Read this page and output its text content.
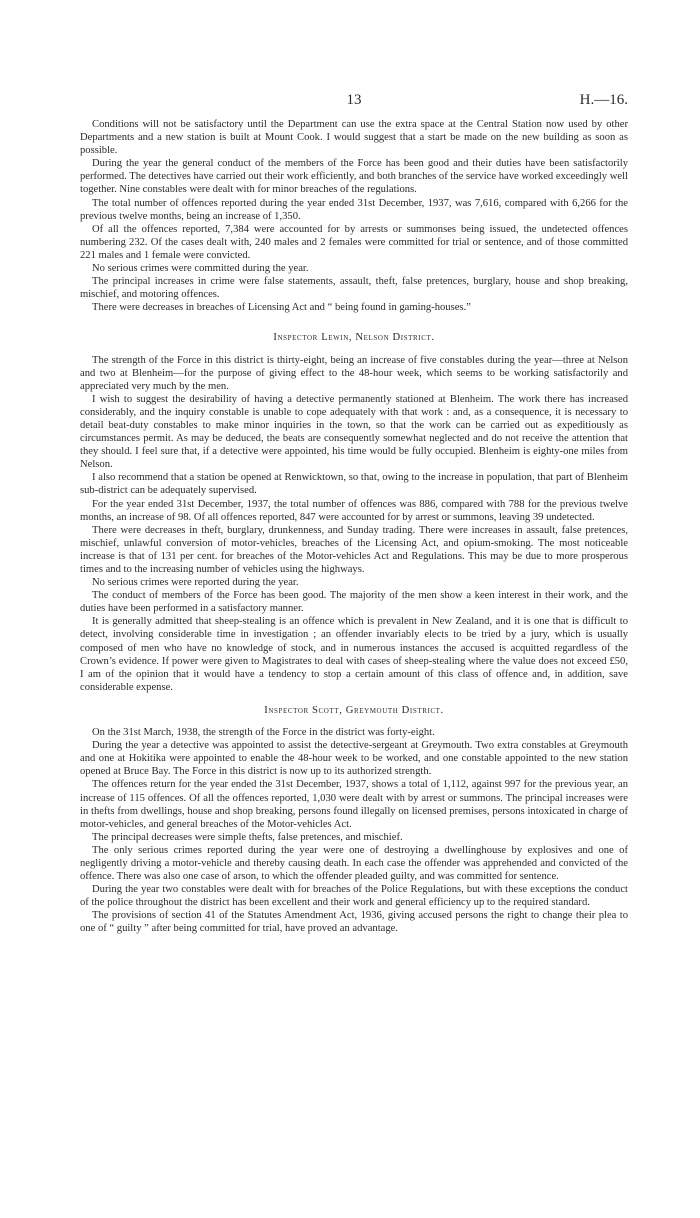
13	H.—16.

Conditions will not be satisfactory until the Department can use the extra space at the Central Station now used by other Departments and a new station is built at Mount Cook. I would suggest that a start be made on the new building as soon as possible.

During the year the general conduct of the members of the Force has been good and their duties have been satisfactorily performed. The detectives have carried out their work efficiently, and both branches of the service have worked exceedingly well together. Nine constables were dealt with for minor breaches of the regulations.

The total number of offences reported during the year ended 31st December, 1937, was 7,616, compared with 6,266 for the previous twelve months, being an increase of 1,350.

Of all the offences reported, 7,384 were accounted for by arrests or summonses being issued, the undetected offences numbering 232. Of the cases dealt with, 240 males and 2 females were committed for trial or sentence, and of those committed 221 males and 1 female were convicted.

No serious crimes were committed during the year.

The principal increases in crime were false statements, assault, theft, false pretences, burglary, house and shop breaking, mischief, and motoring offences.

There were decreases in breaches of Licensing Act and “ being found in gaming-houses.”

Inspector Lewin, Nelson District.

The strength of the Force in this district is thirty-eight, being an increase of five constables during the year—three at Nelson and two at Blenheim—for the purpose of giving effect to the 48-hour week, which seems to be working satisfactorily and appreciated very much by the men.

I wish to suggest the desirability of having a detective permanently stationed at Blenheim. The work there has increased considerably, and the inquiry constable is unable to cope adequately with that work : and, as a consequence, it is necessary to detail beat-duty constables to make minor inquiries in the town, so that the work can be carried out as expeditiously as circumstances permit. As may be deduced, the beats are consequently somewhat neglected and do not receive the attention that they should. I feel sure that, if a detective were appointed, his time would be fully occupied. Blenheim is eighty-one miles from Nelson.

I also recommend that a station be opened at Renwicktown, so that, owing to the increase in population, that part of Blenheim sub-district can be adequately supervised.

For the year ended 31st December, 1937, the total number of offences was 886, compared with 788 for the previous twelve months, an increase of 98. Of all offences reported, 847 were accounted for by arrest or summons, leaving 39 undetected.

There were decreases in theft, burglary, drunkenness, and Sunday trading. There were increases in assault, false pretences, mischief, unlawful conversion of motor-vehicles, breaches of the Licensing Act, and opium-smoking. The most noticeable increase is that of 131 per cent. for breaches of the Motor-vehicles Act and Regulations. This may be due to more prosperous times and to the increasing number of vehicles using the highways.

No serious crimes were reported during the year.

The conduct of members of the Force has been good. The majority of the men show a keen interest in their work, and the duties have been performed in a satisfactory manner.

It is generally admitted that sheep-stealing is an offence which is prevalent in New Zealand, and it is one that is difficult to detect, involving considerable time in investigation ; an offender invariably elects to be tried by a jury, which is usually composed of men who have no knowledge of stock, and in numerous instances the accused is acquitted regardless of the Crown’s evidence. If power were given to Magistrates to deal with cases of sheep-stealing where the value does not exceed £50, I am of the opinion that it would have a tendency to stop a certain amount of this class of offence and, in addition, save considerable expense.

Inspector Scott, Greymouth District.

On the 31st March, 1938, the strength of the Force in the district was forty-eight.

During the year a detective was appointed to assist the detective-sergeant at Greymouth. Two extra constables at Greymouth and one at Hokitika were appointed to enable the 48-hour week to be worked, and one constable appointed to the new station opened at Bruce Bay. The Force in this district is now up to its authorized strength.

The offences return for the year ended the 31st December, 1937, shows a total of 1,112, against 997 for the previous year, an increase of 115 offences. Of all the offences reported, 1,030 were dealt with by arrest or summons. The principal increases were in thefts from dwellings, house and shop breaking, persons found illegally on licensed premises, persons intoxicated in charge of motor-vehicles, and general breaches of the Motor-vehicles Act.

The principal decreases were simple thefts, false pretences, and mischief.

The only serious crimes reported during the year were one of destroying a dwellinghouse by explosives and one of negligently driving a motor-vehicle and thereby causing death. In each case the offender was apprehended and convicted of the offence. There was also one case of arson, to which the offender pleaded guilty, and was committed for sentence.

During the year two constables were dealt with for breaches of the Police Regulations, but with these exceptions the conduct of the police throughout the district has been excellent and their work and general efficiency up to the required standard.

The provisions of section 41 of the Statutes Amendment Act, 1936, giving accused persons the right to change their plea to one of “ guilty ” after being committed for trial, have proved an advantage.
